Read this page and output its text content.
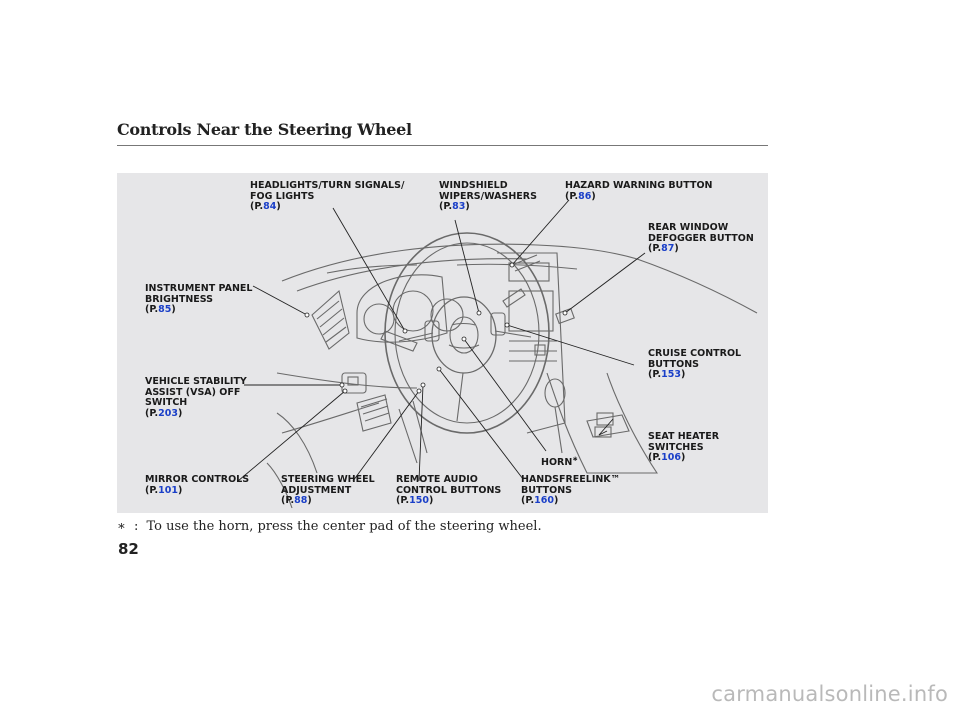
Controls Near the Steering Wheel
HEADLIGHTS/TURN SIGNALS/
FOG LIGHTS
(P.84)
WINDSHIELD
WIPERS/WASHERS
(P.83)
HAZARD WARNING BUTTON
(P.86)
REAR WINDOW
DEFOGGER BUTTON
(P.87)
INSTRUMENT PANEL
BRIGHTNESS
(P.85)
CRUISE CONTROL
BUTTONS
(P.153)
VEHICLE STABILITY
ASSIST (VSA) OFF
SWITCH
(P.203)
SEAT HEATER
SWITCHES
(P.106)
HORN∗
MIRROR CONTROLS
(P.101)
STEERING WHEEL
ADJUSTMENT
(P.88)
REMOTE AUDIO
CONTROL BUTTONS
(P.150)
HANDSFREELINK™
BUTTONS
(P.160)
∗ : To use the horn, press the center pad of the steering wheel.
82
carmanualsonline.info
